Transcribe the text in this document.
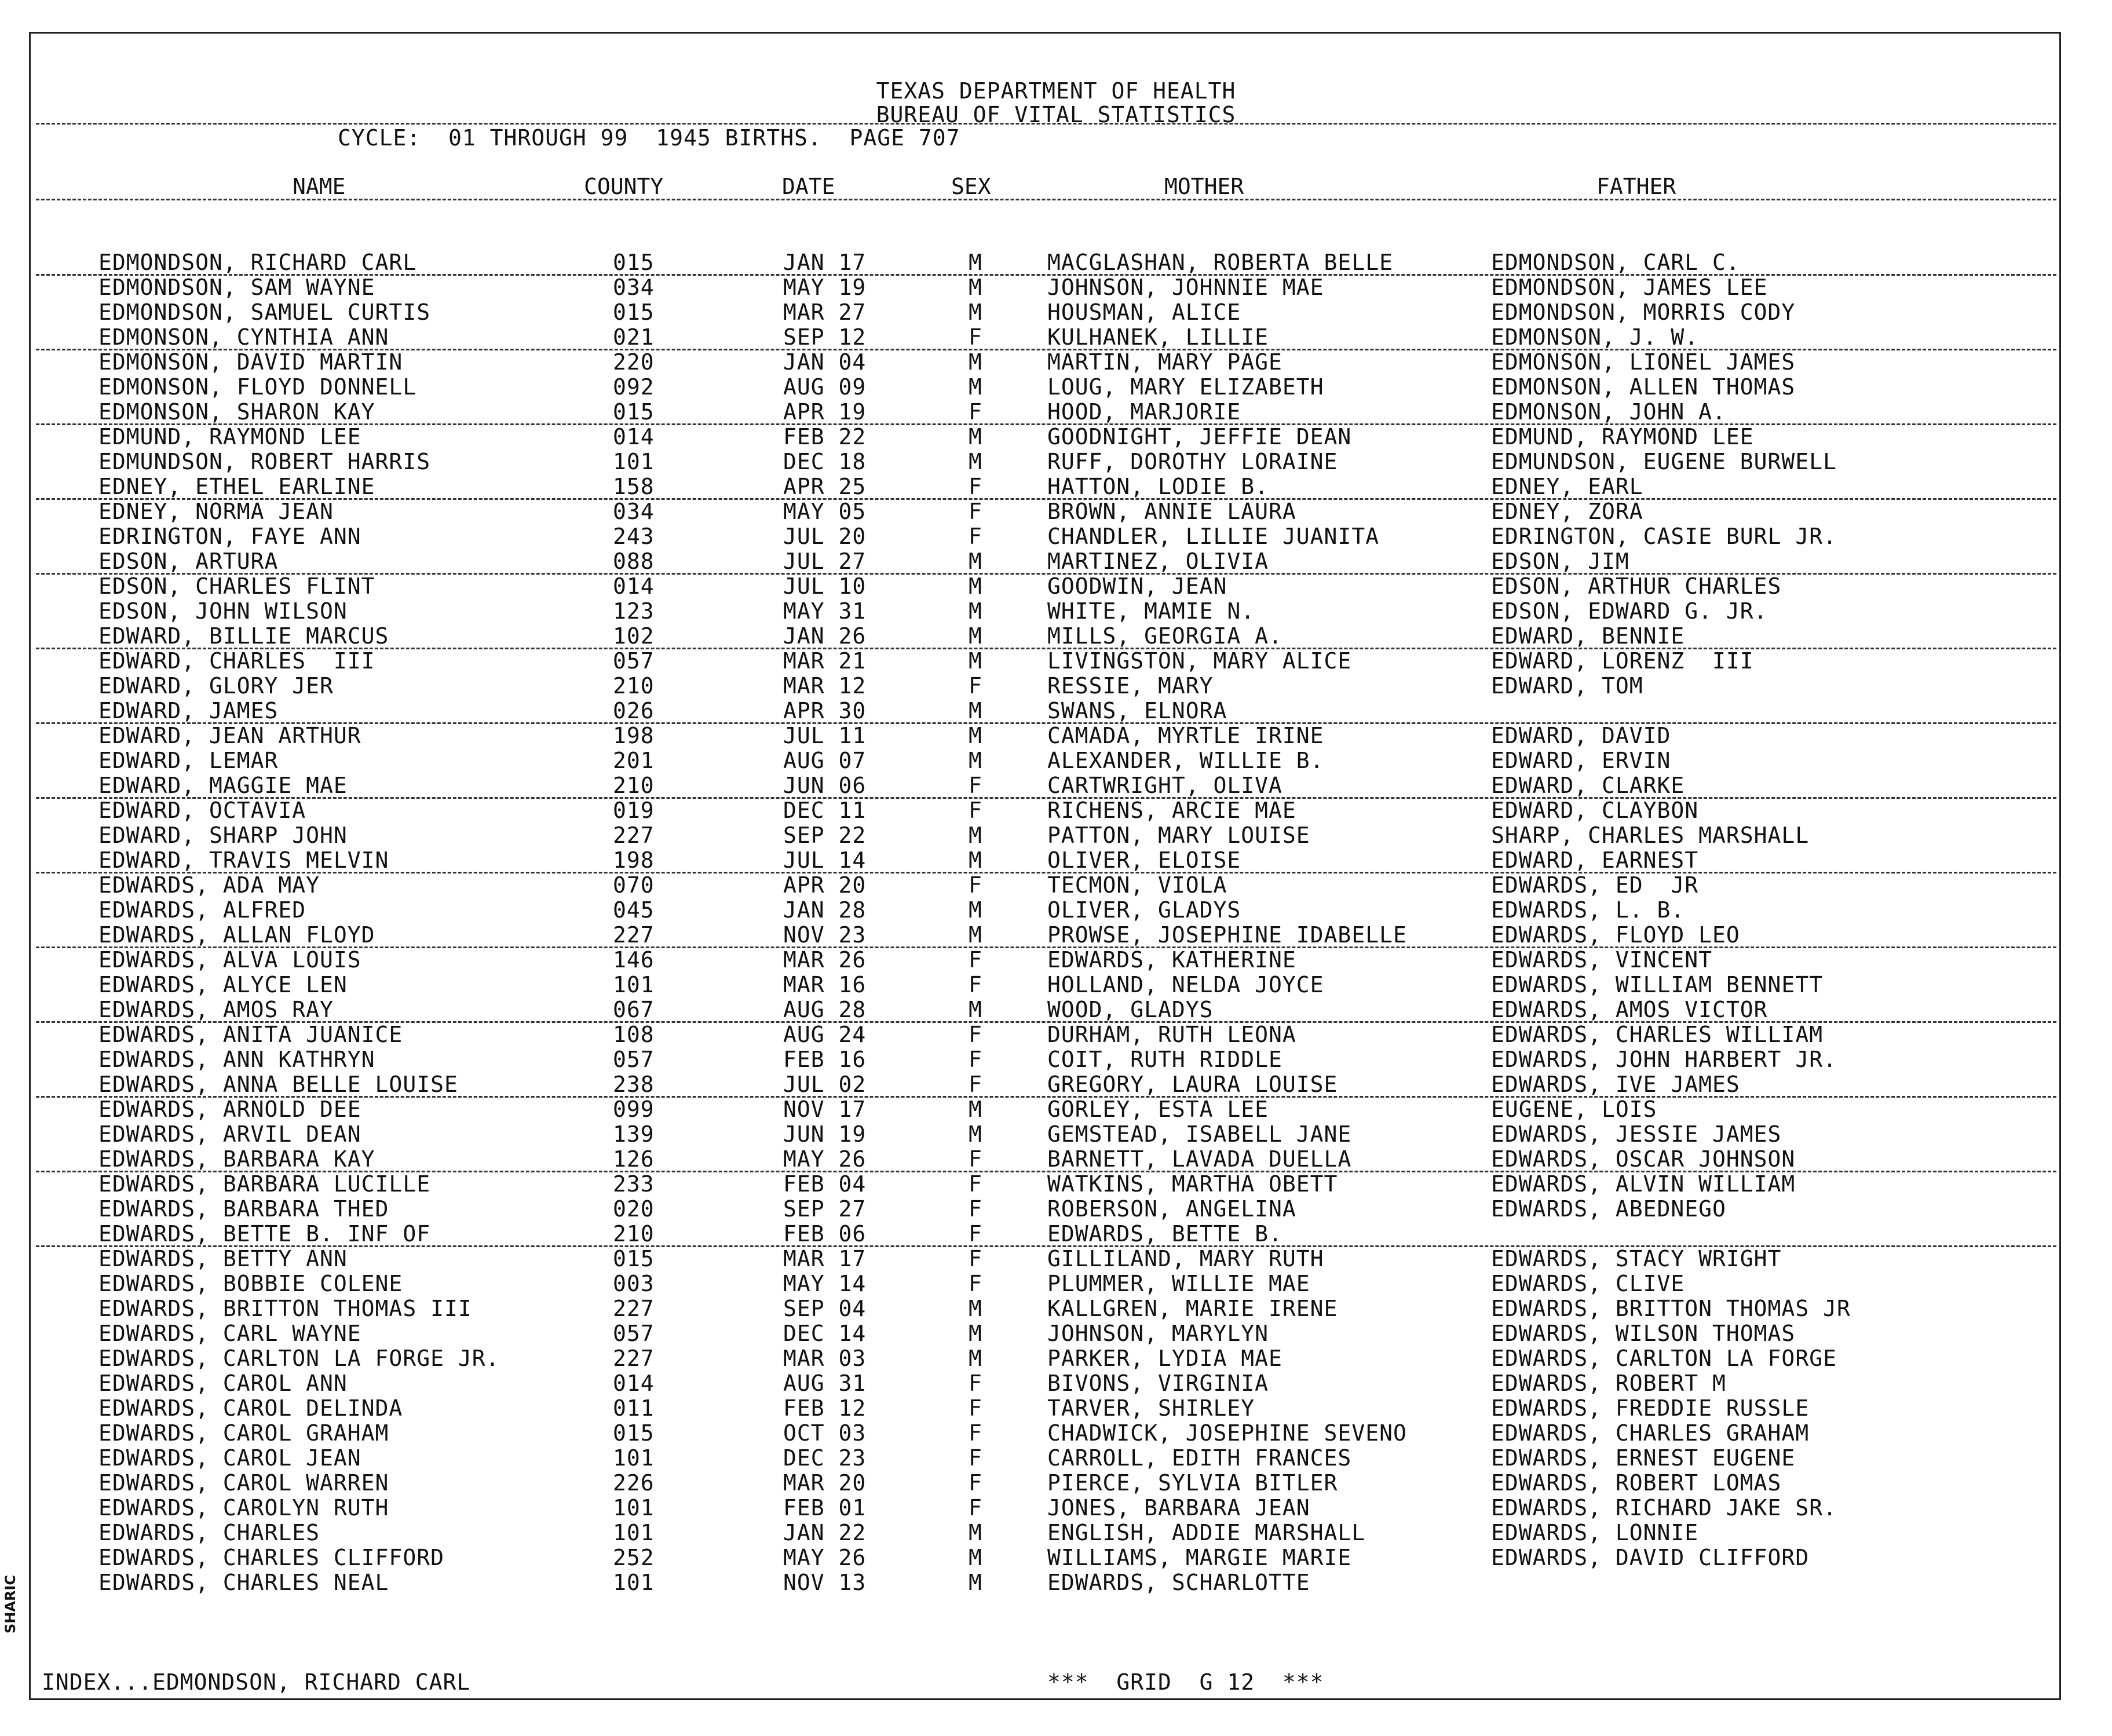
TEXAS DEPARTMENT OF HEALTH
BUREAU OF VITAL STATISTICS
CYCLE:  01 THROUGH 99  1945 BIRTHS.  PAGE 707
NAME	COUNTY	DATE	SEX	MOTHER	FATHER
EDMONDSON, RICHARD CARL	015	JAN 17	M	MACGLASHAN, ROBERTA BELLE	EDMONDSON, CARL C.
EDMONDSON, SAM WAYNE	034	MAY 19	M	JOHNSON, JOHNNIE MAE	EDMONDSON, JAMES LEE
EDMONDSON, SAMUEL CURTIS	015	MAR 27	M	HOUSMAN, ALICE	EDMONDSON, MORRIS CODY
EDMONSON, CYNTHIA ANN	021	SEP 12	F	KULHANEK, LILLIE	EDMONSON, J. W.
EDMONSON, DAVID MARTIN	220	JAN 04	M	MARTIN, MARY PAGE	EDMONSON, LIONEL JAMES
EDMONSON, FLOYD DONNELL	092	AUG 09	M	LOUG, MARY ELIZABETH	EDMONSON, ALLEN THOMAS
EDMONSON, SHARON KAY	015	APR 19	F	HOOD, MARJORIE	EDMONSON, JOHN A.
EDMUND, RAYMOND LEE	014	FEB 22	M	GOODNIGHT, JEFFIE DEAN	EDMUND, RAYMOND LEE
EDMUNDSON, ROBERT HARRIS	101	DEC 18	M	RUFF, DOROTHY LORAINE	EDMUNDSON, EUGENE BURWELL
EDNEY, ETHEL EARLINE	158	APR 25	F	HATTON, LODIE B.	EDNEY, EARL
EDNEY, NORMA JEAN	034	MAY 05	F	BROWN, ANNIE LAURA	EDNEY, ZORA
EDRINGTON, FAYE ANN	243	JUL 20	F	CHANDLER, LILLIE JUANITA	EDRINGTON, CASIE BURL JR.
EDSON, ARTURA	088	JUL 27	M	MARTINEZ, OLIVIA	EDSON, JIM
EDSON, CHARLES FLINT	014	JUL 10	M	GOODWIN, JEAN	EDSON, ARTHUR CHARLES
EDSON, JOHN WILSON	123	MAY 31	M	WHITE, MAMIE N.	EDSON, EDWARD G. JR.
EDWARD, BILLIE MARCUS	102	JAN 26	M	MILLS, GEORGIA A.	EDWARD, BENNIE
EDWARD, CHARLES  III	057	MAR 21	M	LIVINGSTON, MARY ALICE	EDWARD, LORENZ  III
EDWARD, GLORY JER	210	MAR 12	F	RESSIE, MARY	EDWARD, TOM
EDWARD, JAMES	026	APR 30	M	SWANS, ELNORA
EDWARD, JEAN ARTHUR	198	JUL 11	M	CAMADA, MYRTLE IRINE	EDWARD, DAVID
EDWARD, LEMAR	201	AUG 07	M	ALEXANDER, WILLIE B.	EDWARD, ERVIN
EDWARD, MAGGIE MAE	210	JUN 06	F	CARTWRIGHT, OLIVA	EDWARD, CLARKE
EDWARD, OCTAVIA	019	DEC 11	F	RICHENS, ARCIE MAE	EDWARD, CLAYBON
EDWARD, SHARP JOHN	227	SEP 22	M	PATTON, MARY LOUISE	SHARP, CHARLES MARSHALL
EDWARD, TRAVIS MELVIN	198	JUL 14	M	OLIVER, ELOISE	EDWARD, EARNEST
EDWARDS, ADA MAY	070	APR 20	F	TECMON, VIOLA	EDWARDS, ED  JR
EDWARDS, ALFRED	045	JAN 28	M	OLIVER, GLADYS	EDWARDS, L. B.
EDWARDS, ALLAN FLOYD	227	NOV 23	M	PROWSE, JOSEPHINE IDABELLE	EDWARDS, FLOYD LEO
EDWARDS, ALVA LOUIS	146	MAR 26	F	EDWARDS, KATHERINE	EDWARDS, VINCENT
EDWARDS, ALYCE LEN	101	MAR 16	F	HOLLAND, NELDA JOYCE	EDWARDS, WILLIAM BENNETT
EDWARDS, AMOS RAY	067	AUG 28	M	WOOD, GLADYS	EDWARDS, AMOS VICTOR
EDWARDS, ANITA JUANICE	108	AUG 24	F	DURHAM, RUTH LEONA	EDWARDS, CHARLES WILLIAM
EDWARDS, ANN KATHRYN	057	FEB 16	F	COIT, RUTH RIDDLE	EDWARDS, JOHN HARBERT JR.
EDWARDS, ANNA BELLE LOUISE	238	JUL 02	F	GREGORY, LAURA LOUISE	EDWARDS, IVE JAMES
EDWARDS, ARNOLD DEE	099	NOV 17	M	GORLEY, ESTA LEE	EUGENE, LOIS
EDWARDS, ARVIL DEAN	139	JUN 19	M	GEMSTEAD, ISABELL JANE	EDWARDS, JESSIE JAMES
EDWARDS, BARBARA KAY	126	MAY 26	F	BARNETT, LAVADA DUELLA	EDWARDS, OSCAR JOHNSON
EDWARDS, BARBARA LUCILLE	233	FEB 04	F	WATKINS, MARTHA OBETT	EDWARDS, ALVIN WILLIAM
EDWARDS, BARBARA THED	020	SEP 27	F	ROBERSON, ANGELINA	EDWARDS, ABEDNEGO
EDWARDS, BETTE B. INF OF	210	FEB 06	F	EDWARDS, BETTE B.
EDWARDS, BETTY ANN	015	MAR 17	F	GILLILAND, MARY RUTH	EDWARDS, STACY WRIGHT
EDWARDS, BOBBIE COLENE	003	MAY 14	F	PLUMMER, WILLIE MAE	EDWARDS, CLIVE
EDWARDS, BRITTON THOMAS III	227	SEP 04	M	KALLGREN, MARIE IRENE	EDWARDS, BRITTON THOMAS JR
EDWARDS, CARL WAYNE	057	DEC 14	M	JOHNSON, MARYLYN	EDWARDS, WILSON THOMAS
EDWARDS, CARLTON LA FORGE JR.	227	MAR 03	M	PARKER, LYDIA MAE	EDWARDS, CARLTON LA FORGE
EDWARDS, CAROL ANN	014	AUG 31	F	BIVONS, VIRGINIA	EDWARDS, ROBERT M
EDWARDS, CAROL DELINDA	011	FEB 12	F	TARVER, SHIRLEY	EDWARDS, FREDDIE RUSSLE
EDWARDS, CAROL GRAHAM	015	OCT 03	F	CHADWICK, JOSEPHINE SEVENO	EDWARDS, CHARLES GRAHAM
EDWARDS, CAROL JEAN	101	DEC 23	F	CARROLL, EDITH FRANCES	EDWARDS, ERNEST EUGENE
EDWARDS, CAROL WARREN	226	MAR 20	F	PIERCE, SYLVIA BITLER	EDWARDS, ROBERT LOMAS
EDWARDS, CAROLYN RUTH	101	FEB 01	F	JONES, BARBARA JEAN	EDWARDS, RICHARD JAKE SR.
EDWARDS, CHARLES	101	JAN 22	M	ENGLISH, ADDIE MARSHALL	EDWARDS, LONNIE
EDWARDS, CHARLES CLIFFORD	252	MAY 26	M	WILLIAMS, MARGIE MARIE	EDWARDS, DAVID CLIFFORD
EDWARDS, CHARLES NEAL	101	NOV 13	M	EDWARDS, SCHARLOTTE
INDEX...EDMONDSON, RICHARD CARL	***  GRID  G 12  ***
SHARIC
